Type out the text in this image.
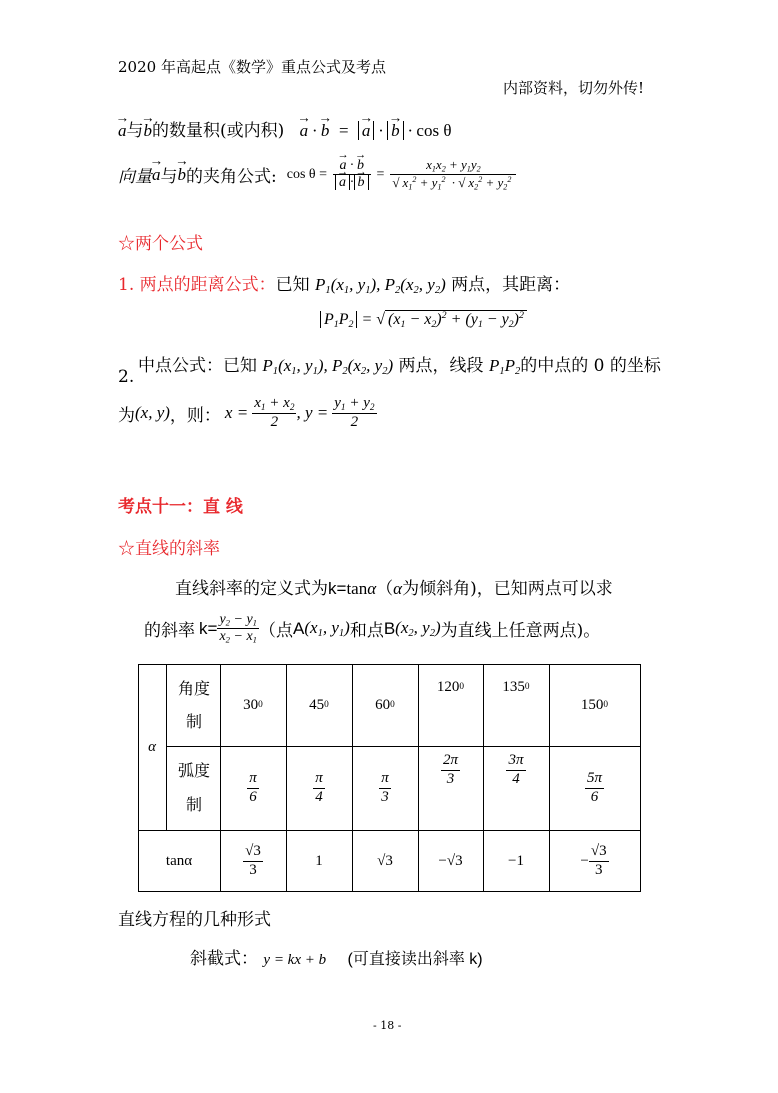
2020 年高起点《数学》重点公式及考点
内部资料，切勿外传!
→ a与→ b的数量积(或内积) → a · → b  =  → a · → b · cos θ
向量
→ a 与
→ b 的夹角公式: cos θ =
→ a · → b
→ $a \cdot\to b = \frac{x_1x_2 + y_1y_2}{√ x_1^2 + y_1^2 \cdot √ x_2^2 + y_2^2}$
☆两个公式
1. 两点的距离公式：已知 $P_1(x_1$, $y_1$), $P_2(x_2$, $y_2$) 两点，其距离：
$P_1P_2$ = √ $(x_1 - x_2)^2 + (y_1 - y_2)^2$
2.
中点公式：已知 $P_1(x_1$, $y_1$), $P_2(x_2$, $y_2$) 两点，线段 $P_1P_2$的中点的 0 的坐标
为 (x, y) ，则： $x = \frac{x_1 + x_2}{2}$ , $y = \frac{y_1 + y_2}{2}$
考点十一：直 线
☆直线的斜率
直线斜率的定义式为k=tanα（α为倾斜角)，已知两点可以求
的斜率 $k= \frac{y_2 - y_1}{x_2 - x_1}$ （点 A ($x_1$, $y_1$) 和点 B ($x_2$, $y_2$) 为直线上任意两点)。
α
角度制
弧度制
tanα
30 0	45 0	60 0
120 0	135 0
150 0
$\frac{\pi}{6}$	$\frac{\pi}{4}$	$\frac{\pi}{3}$
$\frac{2\pi}{3}$	$\frac{3\pi}{4}$
$\frac{5\pi}{6}$
$\frac{√3}{3}$	1	√3	−√3	−1	− $\frac{√3}{3}$
直线方程的几种形式
斜截式： y = kx + b (可直接读出斜率 k)
- 18 -
